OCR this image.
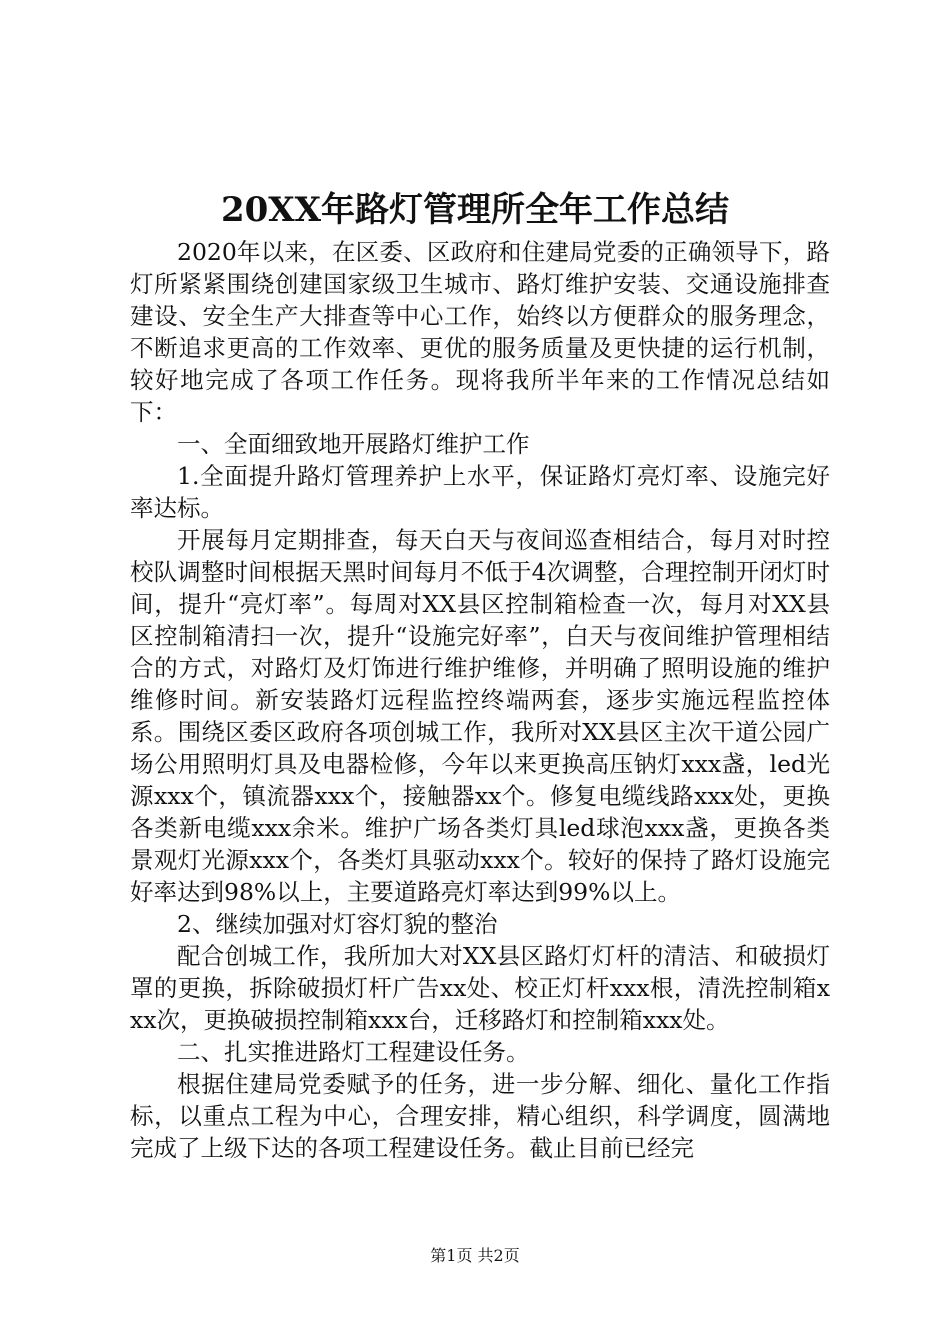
20XX年路灯管理所全年工作总结

2020年以来，在区委、区政府和住建局党委的正确领导下，路灯所紧紧围绕创建国家级卫生城市、路灯维护安装、交通设施排查建设、安全生产大排查等中心工作，始终以方便群众的服务理念，不断追求更高的工作效率、更优的服务质量及更快捷的运行机制，较好地完成了各项工作任务。现将我所半年来的工作情况总结如下：

一、全面细致地开展路灯维护工作

1.全面提升路灯管理养护上水平，保证路灯亮灯率、设施完好率达标。

开展每月定期排查，每天白天与夜间巡查相结合，每月对时控校队调整时间根据天黑时间每月不低于4次调整，合理控制开闭灯时间，提升“亮灯率”。每周对XX县区控制箱检查一次，每月对XX县区控制箱清扫一次，提升“设施完好率”，白天与夜间维护管理相结合的方式，对路灯及灯饰进行维护维修，并明确了照明设施的维护维修时间。新安装路灯远程监控终端两套，逐步实施远程监控体系。围绕区委区政府各项创城工作，我所对XX县区主次干道公园广场公用照明灯具及电器检修，今年以来更换高压钠灯xxx盏，led光源xxx个，镇流器xxx个，接触器xx个。修复电缆线路xxx处，更换各类新电缆xxx余米。维护广场各类灯具led球泡xxx盏，更换各类景观灯光源xxx个，各类灯具驱动xxx个。较好的保持了路灯设施完好率达到98%以上，主要道路亮灯率达到99%以上。

2、继续加强对灯容灯貌的整治

配合创城工作，我所加大对XX县区路灯灯杆的清洁、和破损灯罩的更换，拆除破损灯杆广告xx处、校正灯杆xxx根，清洗控制箱xxx次，更换破损控制箱xxx台，迁移路灯和控制箱xxx处。

二、扎实推进路灯工程建设任务。

根据住建局党委赋予的任务，进一步分解、细化、量化工作指标，以重点工程为中心，合理安排，精心组织，科学调度，圆满地完成了上级下达的各项工程建设任务。截止目前已经完

第1页 共2页
